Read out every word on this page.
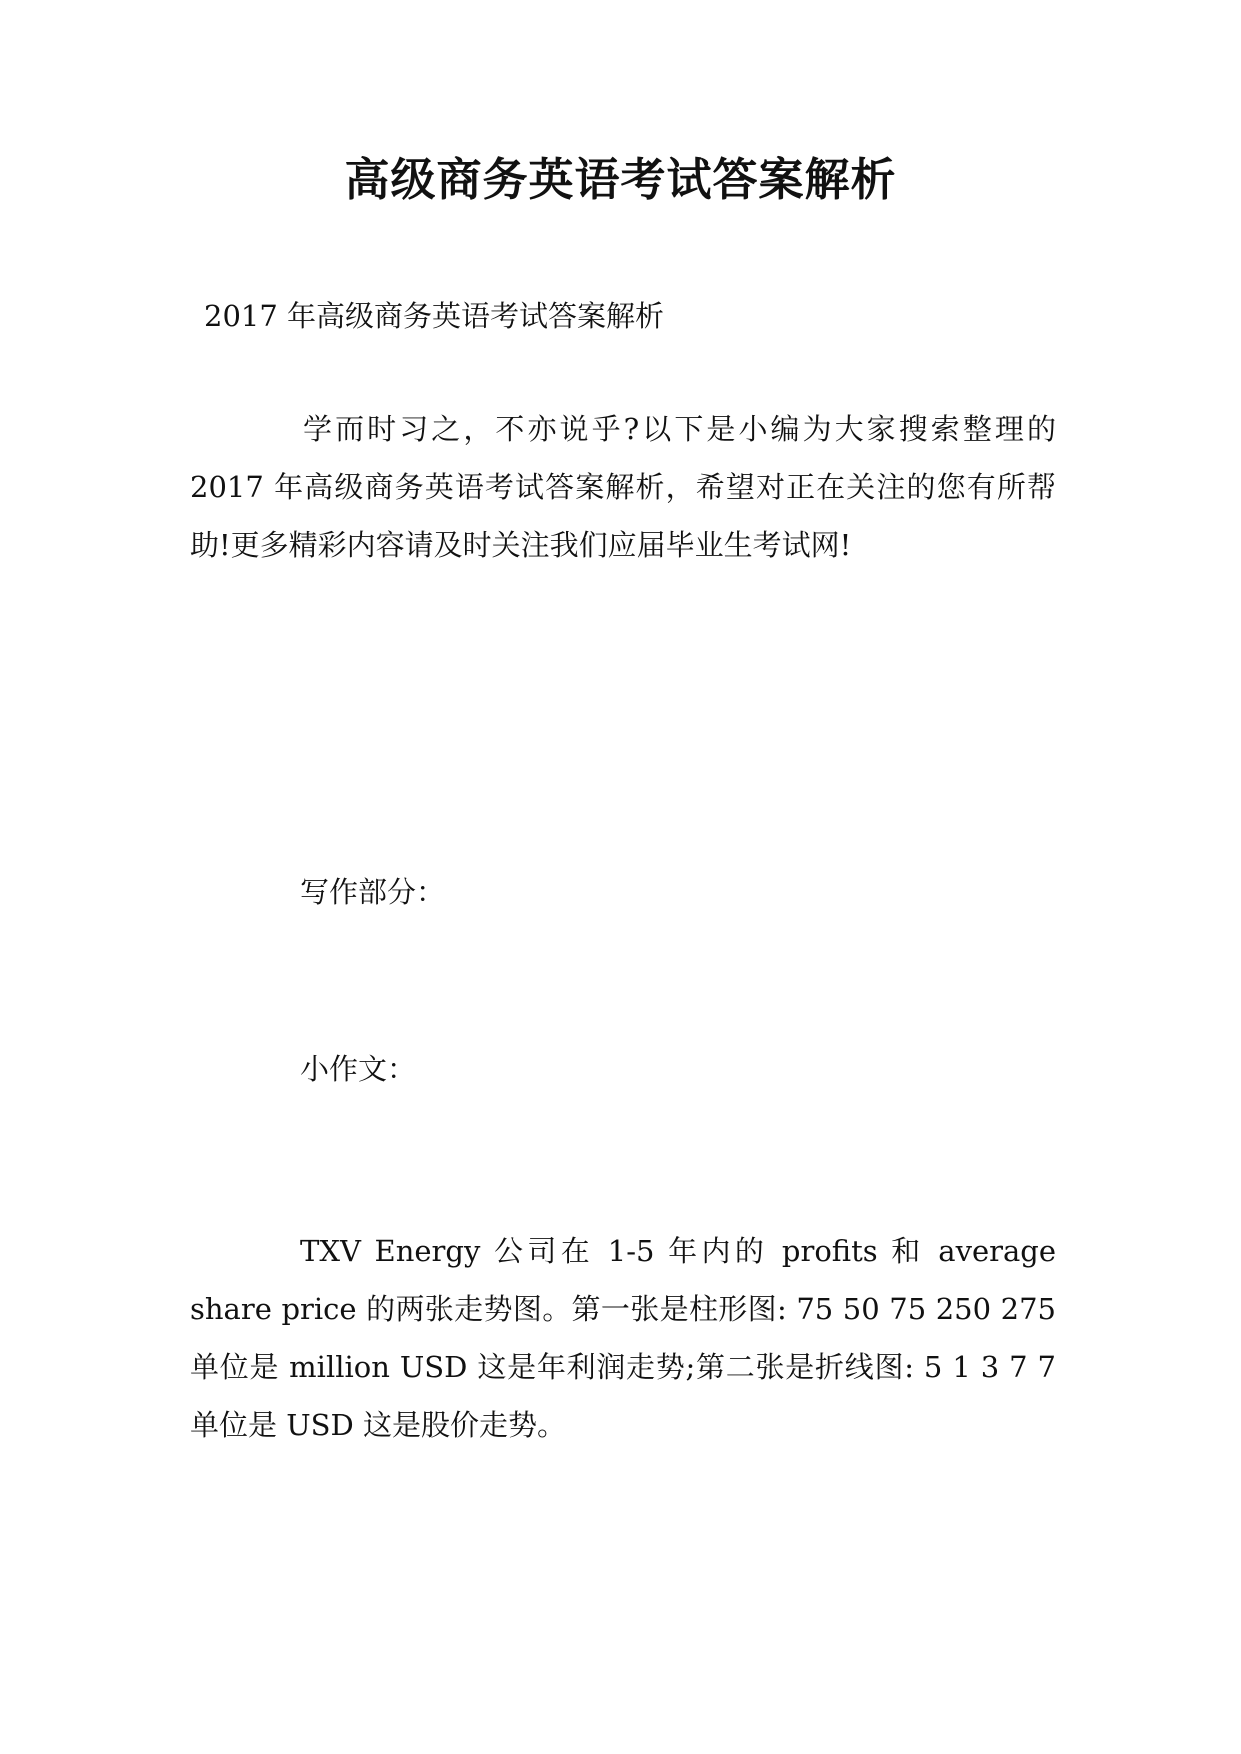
高级商务英语考试答案解析
2017 年高级商务英语考试答案解析
学而时习之，不亦说乎?以下是小编为大家搜索整理的 2017 年高级商务英语考试答案解析，希望对正在关注的您有所帮助!更多精彩内容请及时关注我们应届毕业生考试网!
写作部分：
小作文：
TXV Energy 公司在 1-5 年内的 profits 和 average share price 的两张走势图。第一张是柱形图: 75 50 75 250 275 单位是 million USD 这是年利润走势;第二张是折线图: 5 1 3 7 7 单位是 USD 这是股价走势。
